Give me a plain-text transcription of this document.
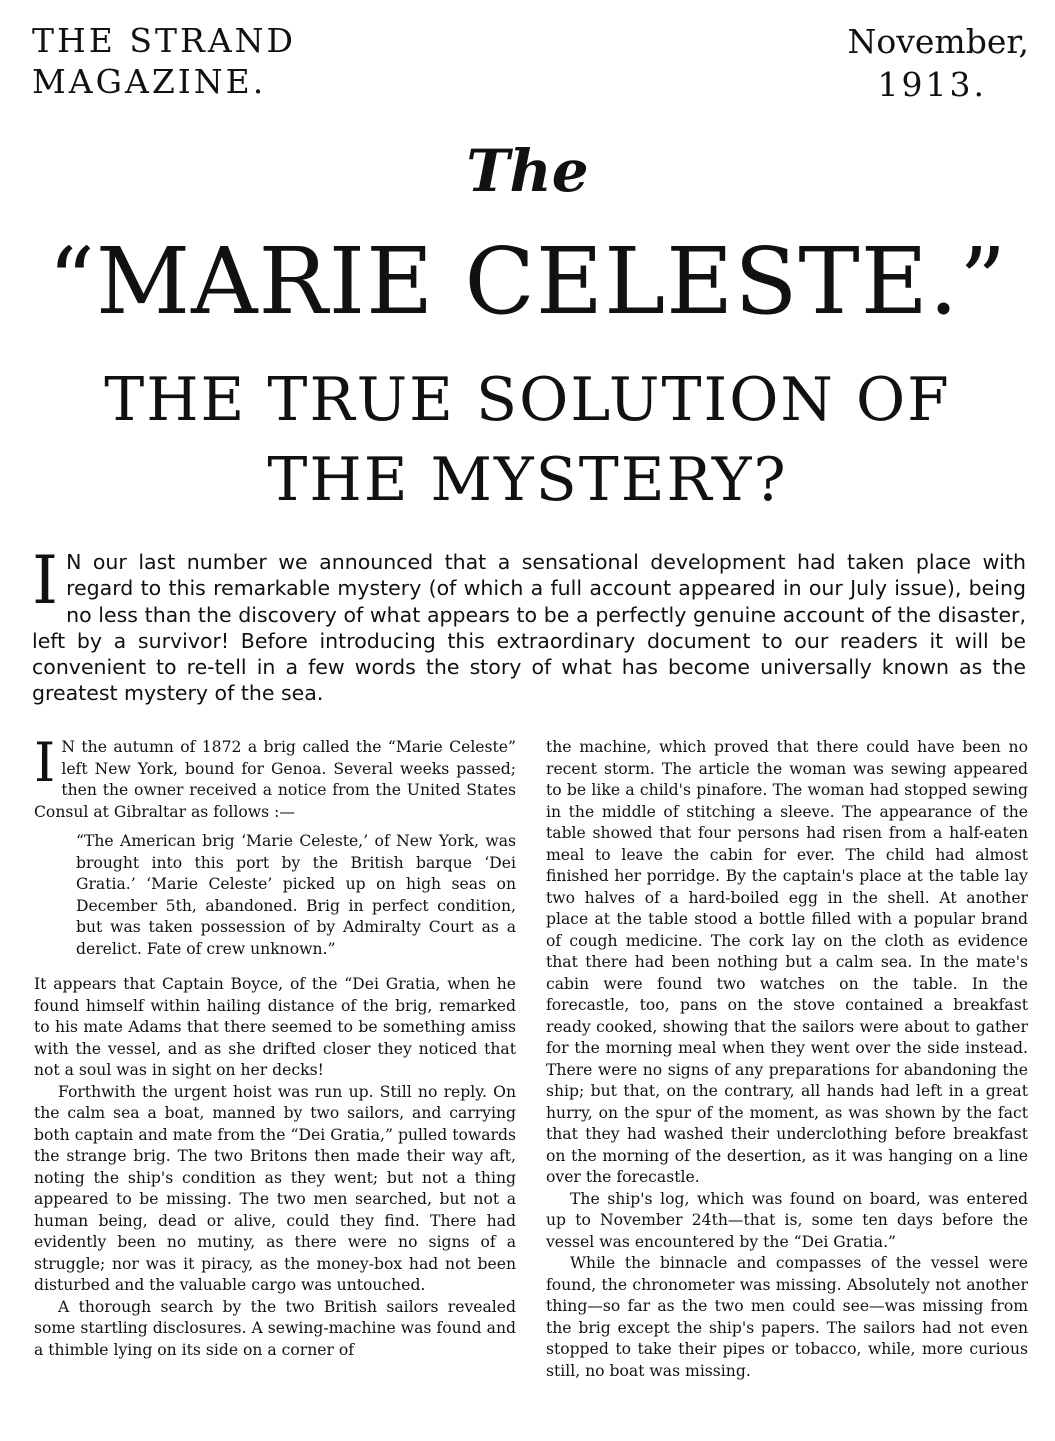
THE STRAND
MAGAZINE.
November,
1913.
The
“MARIE CELESTE.”
THE TRUE SOLUTION OF
THE MYSTERY?
I N our last number we announced that a sensational development had taken place with regard to this remarkable mystery (of which a full account appeared in our July issue), being no less than the discovery of what appears to be a perfectly genuine account of the disaster, left by a survivor! Before introducing this extraordinary document to our readers it will be convenient to re-tell in a few words the story of what has become universally known as the greatest mystery of the sea.

I N the autumn of 1872 a brig called the “Marie Celeste” left New York, bound for Genoa. Several weeks passed; then the owner received a notice from the United States Consul at Gibraltar as follows :—

“The American brig ‘Marie Celeste,’ of New York, was brought into this port by the British barque ‘Dei Gratia.’ ‘Marie Celeste’ picked up on high seas on December 5th, abandoned. Brig in perfect condition, but was taken possession of by Admiralty Court as a derelict. Fate of crew unknown.”

It appears that Captain Boyce, of the “Dei Gratia, when he found himself within hailing distance of the brig, remarked to his mate Adams that there seemed to be something amiss with the vessel, and as she drifted closer they noticed that not a soul was in sight on her decks!

Forthwith the urgent hoist was run up. Still no reply. On the calm sea a boat, manned by two sailors, and carrying both captain and mate from the “Dei Gratia,” pulled towards the strange brig. The two Britons then made their way aft, noting the ship's condition as they went; but not a thing appeared to be missing. The two men searched, but not a human being, dead or alive, could they find. There had evidently been no mutiny, as there were no signs of a struggle; nor was it piracy, as the money-box had not been disturbed and the valuable cargo was untouched.

A thorough search by the two British sailors revealed some startling disclosures. A sewing-machine was found and a thimble lying on its side on a corner of

the machine, which proved that there could have been no recent storm. The article the woman was sewing appeared to be like a child's pinafore. The woman had stopped sewing in the middle of stitching a sleeve. The appearance of the table showed that four persons had risen from a half-eaten meal to leave the cabin for ever. The child had almost finished her porridge. By the captain's place at the table lay two halves of a hard-boiled egg in the shell. At another place at the table stood a bottle filled with a popular brand of cough medicine. The cork lay on the cloth as evidence that there had been nothing but a calm sea. In the mate's cabin were found two watches on the table. In the forecastle, too, pans on the stove contained a breakfast ready cooked, showing that the sailors were about to gather for the morning meal when they went over the side instead. There were no signs of any preparations for abandoning the ship; but that, on the contrary, all hands had left in a great hurry, on the spur of the moment, as was shown by the fact that they had washed their underclothing before breakfast on the morning of the desertion, as it was hanging on a line over the forecastle.

The ship's log, which was found on board, was entered up to November 24th—that is, some ten days before the vessel was encountered by the “Dei Gratia.”

While the binnacle and compasses of the vessel were found, the chronometer was missing. Absolutely not another thing—so far as the two men could see—was missing from the brig except the ship's papers. The sailors had not even stopped to take their pipes or tobacco, while, more curious still, no boat was missing.
